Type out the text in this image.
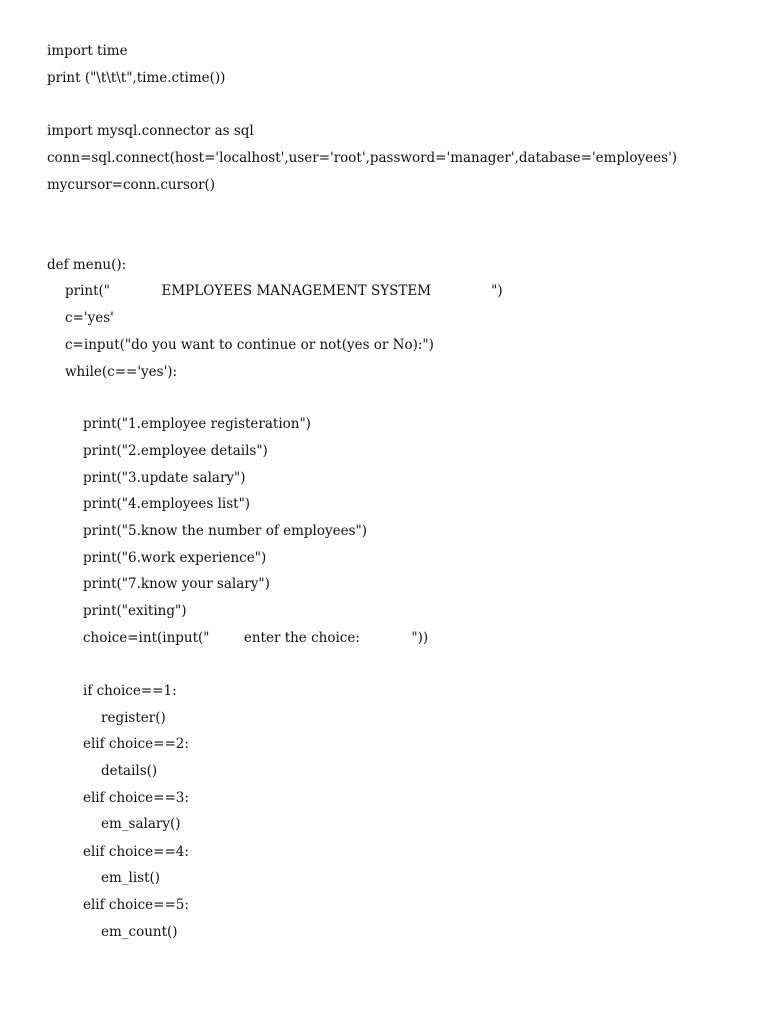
import time
print ("\t\t\t",time.ctime())
import mysql.connector as sql
conn=sql.connect(host='localhost',user='root',password='manager',database='employees')
mycursor=conn.cursor()
def menu():
print("            EMPLOYEES MANAGEMENT SYSTEM              ")
c='yes'
c=input("do you want to continue or not(yes or No):")
while(c=='yes'):
print("1.employee registeration")
print("2.employee details")
print("3.update salary")
print("4.employees list")
print("5.know the number of employees")
print("6.work experience")
print("7.know your salary")
print("exiting")
choice=int(input("        enter the choice:            "))
if choice==1:
register()
elif choice==2:
details()
elif choice==3:
em_salary()
elif choice==4:
em_list()
elif choice==5:
em_count()
